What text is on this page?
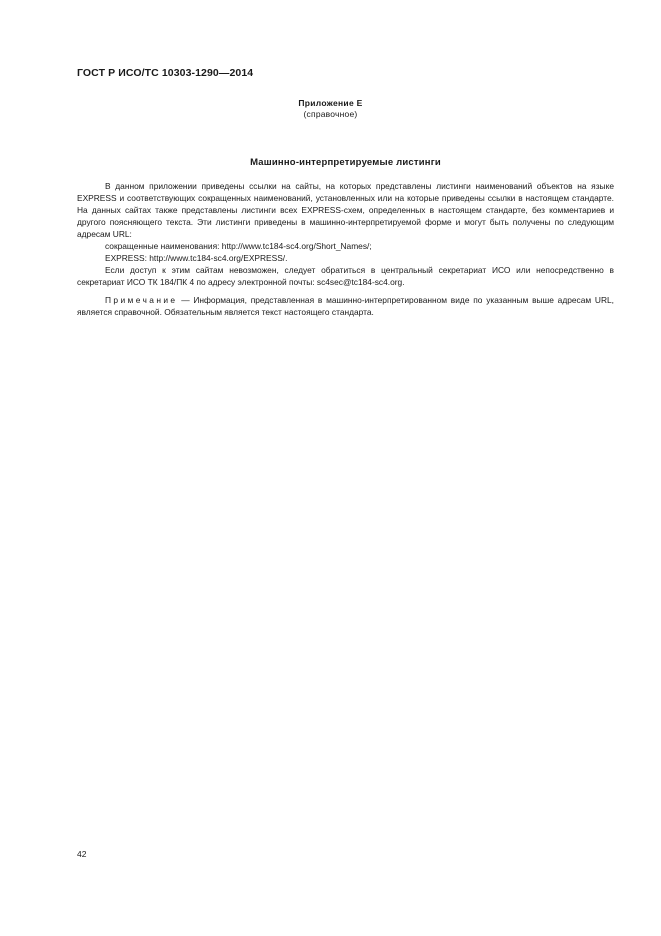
ГОСТ Р ИСО/ТС 10303-1290—2014
Приложение E
(справочное)
Машинно-интерпретируемые листинги

В данном приложении приведены ссылки на сайты, на которых представлены листинги наименований объектов на языке EXPRESS и соответствующих сокращенных наименований, установленных или на которые приведены ссылки в настоящем стандарте. На данных сайтах также представлены листинги всех EXPRESS-схем, определенных в настоящем стандарте, без комментариев и другого поясняющего текста. Эти листинги приведены в машинно-интерпретируемой форме и могут быть получены по следующим адресам URL:

сокращенные наименования: http://www.tc184-sc4.org/Short_Names/;

EXPRESS: http://www.tc184-sc4.org/EXPRESS/.

Если доступ к этим сайтам невозможен, следует обратиться в центральный секретариат ИСО или непосредственно в секретариат ИСО ТК 184/ПК 4 по адресу электронной почты: sc4sec@tc184-sc4.org.

Примечание — Информация, представленная в машинно-интерпретированном виде по указанным выше адресам URL, является справочной. Обязательным является текст настоящего стандарта.

42
